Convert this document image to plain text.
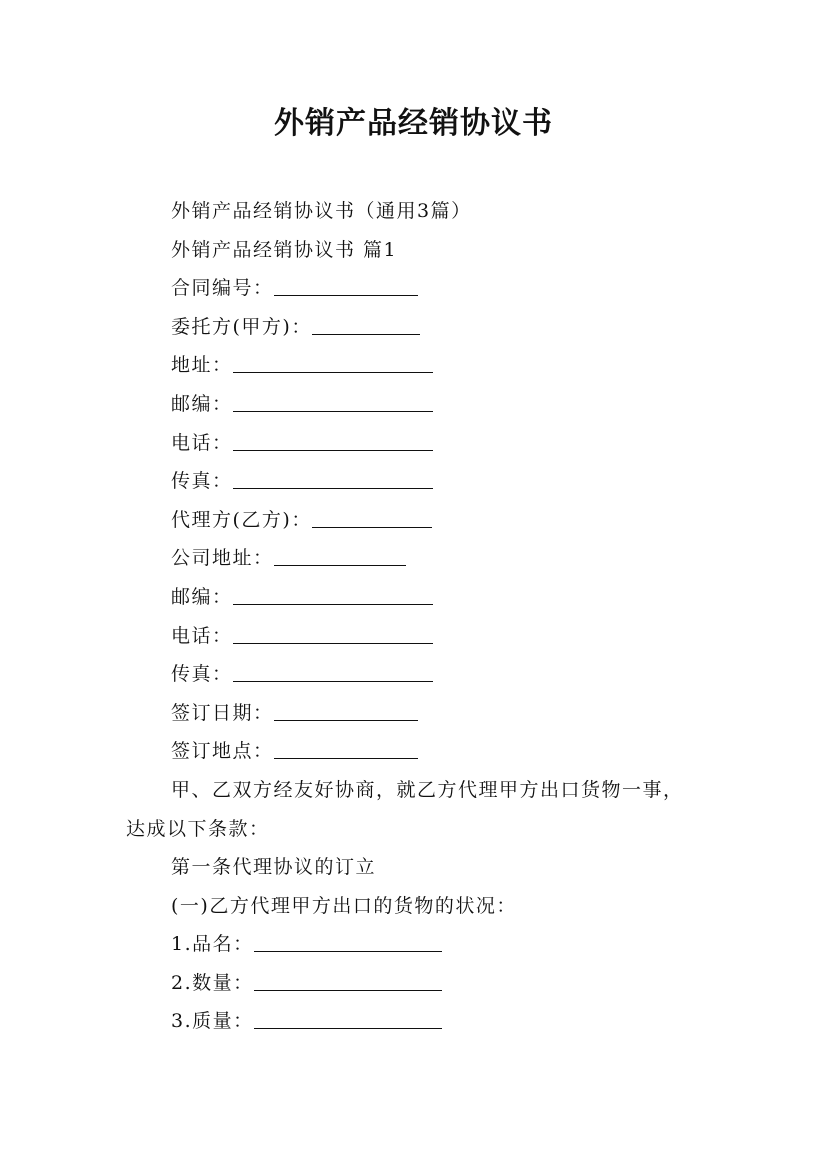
外销产品经销协议书
外销产品经销协议书（通用3篇）
外销产品经销协议书 篇1
合同编号：
委托方(甲方)：
地址：
邮编：
电话：
传真：
代理方(乙方)：
公司地址：
邮编：
电话：
传真：
签订日期：
签订地点：
甲、乙双方经友好协商，就乙方代理甲方出口货物一事，
达成以下条款：
第一条代理协议的订立
(一)乙方代理甲方出口的货物的状况：
1.品名：
2.数量：
3.质量：
